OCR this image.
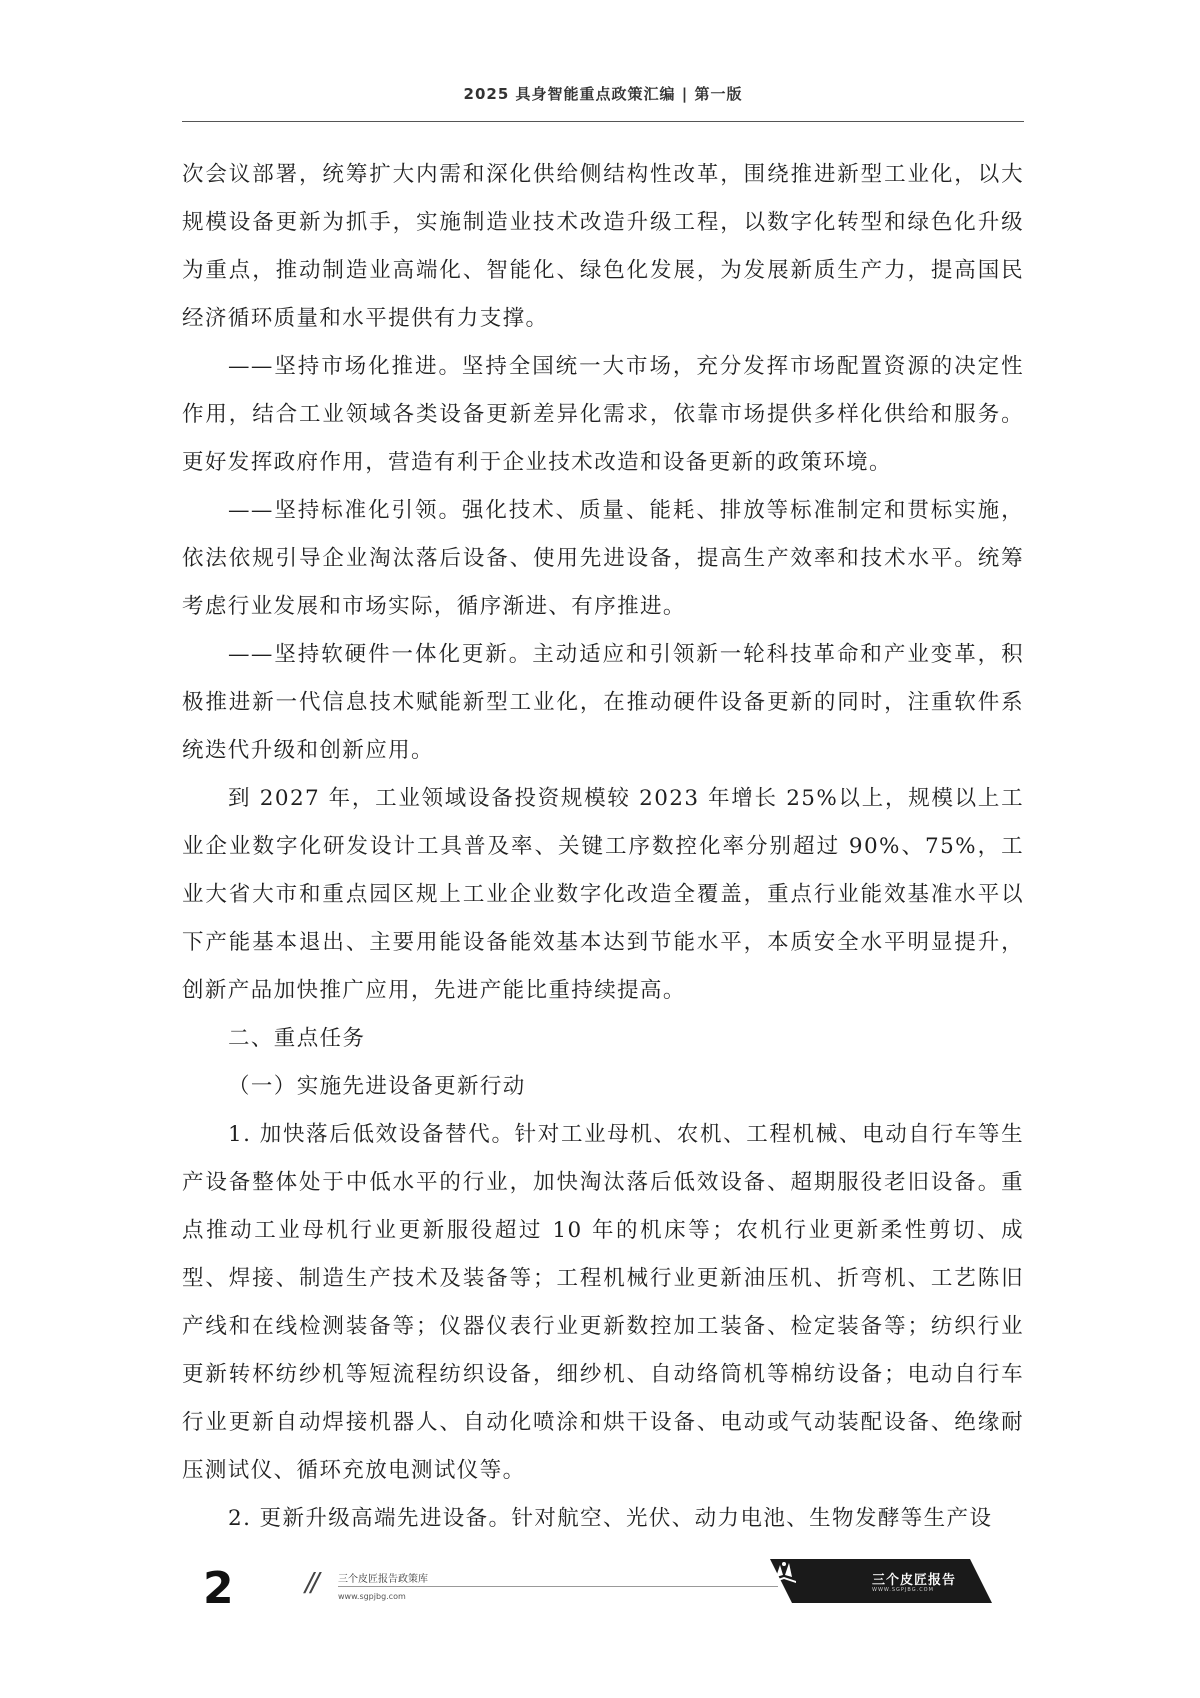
2025 具身智能重点政策汇编 | 第一版

次会议部署，统筹扩大内需和深化供给侧结构性改革，围绕推进新型工业化，以大规模设备更新为抓手，实施制造业技术改造升级工程，以数字化转型和绿色化升级为重点，推动制造业高端化、智能化、绿色化发展，为发展新质生产力，提高国民经济循环质量和水平提供有力支撑。

——坚持市场化推进。坚持全国统一大市场，充分发挥市场配置资源的决定性作用，结合工业领域各类设备更新差异化需求，依靠市场提供多样化供给和服务。更好发挥政府作用，营造有利于企业技术改造和设备更新的政策环境。

——坚持标准化引领。强化技术、质量、能耗、排放等标准制定和贯标实施，依法依规引导企业淘汰落后设备、使用先进设备，提高生产效率和技术水平。统筹考虑行业发展和市场实际，循序渐进、有序推进。

——坚持软硬件一体化更新。主动适应和引领新一轮科技革命和产业变革，积极推进新一代信息技术赋能新型工业化，在推动硬件设备更新的同时，注重软件系统迭代升级和创新应用。

到 2027 年，工业领域设备投资规模较 2023 年增长 25%以上，规模以上工业企业数字化研发设计工具普及率、关键工序数控化率分别超过 90%、75%，工业大省大市和重点园区规上工业企业数字化改造全覆盖，重点行业能效基准水平以下产能基本退出、主要用能设备能效基本达到节能水平，本质安全水平明显提升，创新产品加快推广应用，先进产能比重持续提高。

二、重点任务

（一）实施先进设备更新行动

1. 加快落后低效设备替代。针对工业母机、农机、工程机械、电动自行车等生产设备整体处于中低水平的行业，加快淘汰落后低效设备、超期服役老旧设备。重点推动工业母机行业更新服役超过 10 年的机床等；农机行业更新柔性剪切、成型、焊接、制造生产技术及装备等；工程机械行业更新油压机、折弯机、工艺陈旧产线和在线检测装备等；仪器仪表行业更新数控加工装备、检定装备等；纺织行业更新转杯纺纱机等短流程纺织设备，细纱机、自动络筒机等棉纺设备；电动自行车行业更新自动焊接机器人、自动化喷涂和烘干设备、电动或气动装配设备、绝缘耐压测试仪、循环充放电测试仪等。

2. 更新升级高端先进设备。针对航空、光伏、动力电池、生物发酵等生产设

2	// 三个皮匠报告政策库
www.sgpjbg.com
三个皮匠报告
WWW.SGPJBG.COM
